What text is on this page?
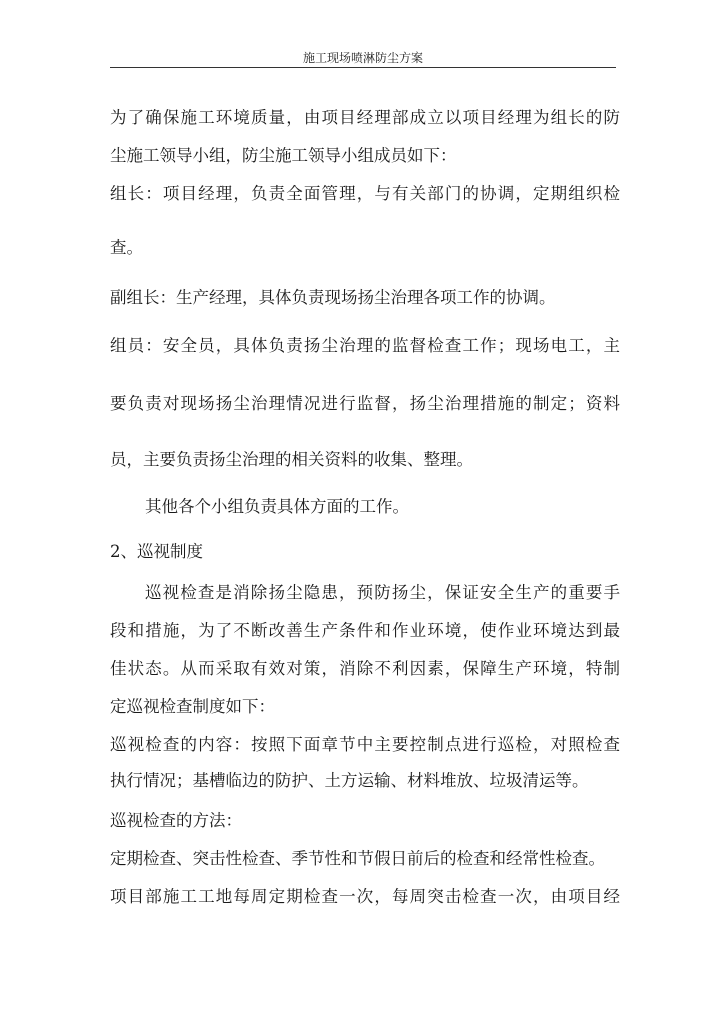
施工现场喷淋防尘方案
为了确保施工环境质量，由项目经理部成立以项目经理为组长的防
尘施工领导小组，防尘施工领导小组成员如下：
组长：项目经理，负责全面管理，与有关部门的协调，定期组织检
查。
副组长：生产经理，具体负责现场扬尘治理各项工作的协调。
组员：安全员，具体负责扬尘治理的监督检查工作；现场电工，主
要负责对现场扬尘治理情况进行监督，扬尘治理措施的制定；资料
员，主要负责扬尘治理的相关资料的收集、整理。
其他各个小组负责具体方面的工作。
2、巡视制度
巡视检查是消除扬尘隐患，预防扬尘，保证安全生产的重要手
段和措施，为了不断改善生产条件和作业环境，使作业环境达到最
佳状态。从而采取有效对策，消除不利因素，保障生产环境，特制
定巡视检查制度如下：
巡视检查的内容：按照下面章节中主要控制点进行巡检，对照检查
执行情况；基槽临边的防护、土方运输、材料堆放、垃圾清运等。
巡视检查的方法：
定期检查、突击性检查、季节性和节假日前后的检查和经常性检查。
项目部施工工地每周定期检查一次，每周突击检查一次，由项目经
